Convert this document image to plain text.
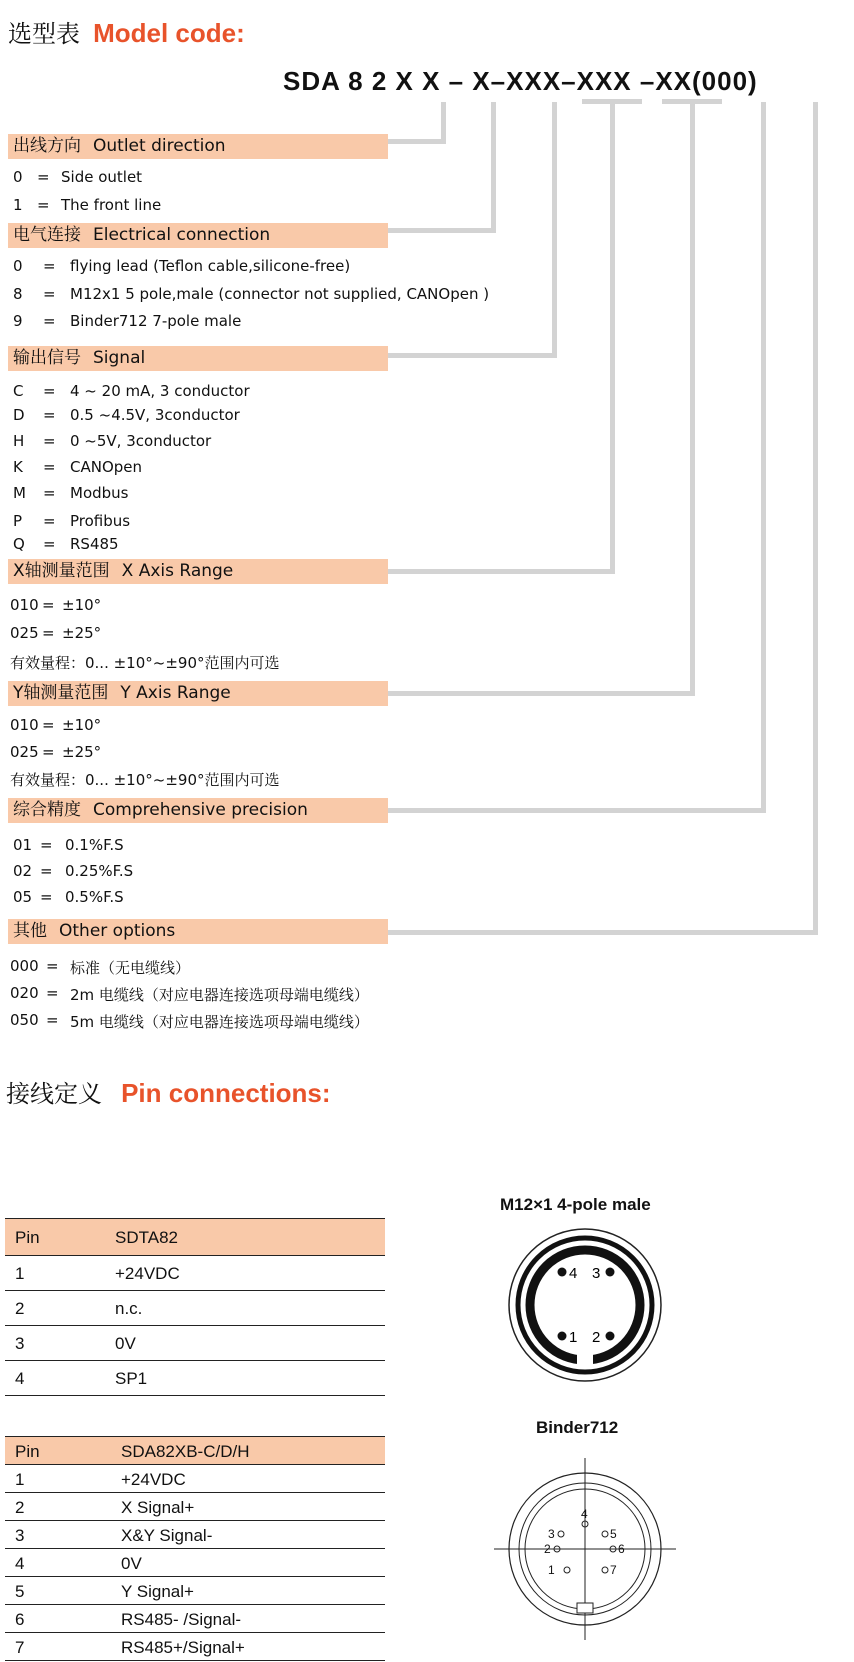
选型表 Model code:
SDA 8 2 X X – X–XXX–XXX –XX(000)
出线方向 Outlet direction
0 = Side outlet
1 = The front line
电气连接 Electrical connection
0 = flying lead (Teflon cable,silicone-free)
8 = M12x1 5 pole,male (connector not supplied, CANOpen )
9 = Binder712 7-pole male
输出信号 Signal
C = 4 ~ 20 mA, 3 conductor
D = 0.5 ~4.5V, 3conductor
H = 0 ~5V, 3conductor
K = CANOpen
M = Modbus
P = Profibus
Q = RS485
X轴测量范围 X Axis Range
010 = ±10°
025 = ±25°
有效量程：0... ±10°~±90°范围内可选
Y轴测量范围 Y Axis Range
010 = ±10°
025 = ±25°
有效量程：0... ±10°~±90°范围内可选
综合精度 Comprehensive precision
01 = 0.1%F.S
02 = 0.25%F.S
05 = 0.5%F.S
其他 Other options
000 = 标准（无电缆线）
020 = 2m 电缆线（对应电器连接选项母端电缆线）
050 = 5m 电缆线（对应电器连接选项母端电缆线）
接线定义 Pin connections:
Pin	SDTA82
1	+24VDC
2	n.c.
3	0V
4	SP1
Pin	SDA82XB-C/D/H
1	+24VDC
2	X Signal+
3	X&Y Signal-
4	0V
5	Y Signal+
6	RS485- /Signal-
7	RS485+/Signal+
M12×1 4-pole male
4 3
1 2
Binder712
4
3	5
2	6
1	7
